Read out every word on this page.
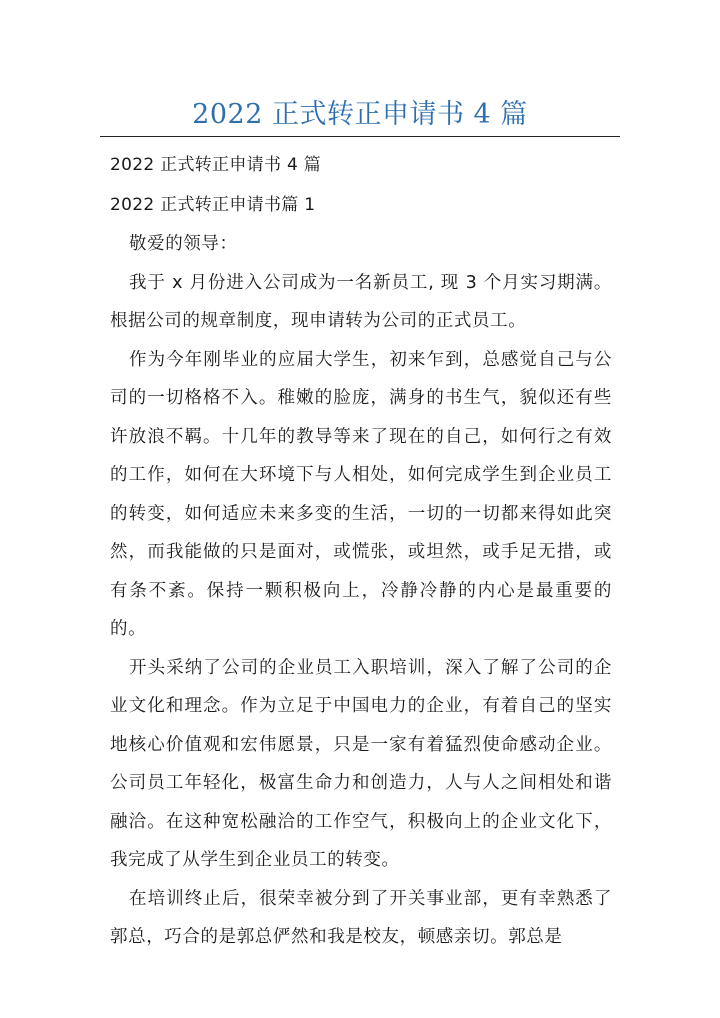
2022 正式转正申请书 4 篇
2022 正式转正申请书 4 篇
2022 正式转正申请书篇 1

敬爱的领导：

我于 x 月份进入公司成为一名新员工, 现 3 个月实习期满。根据公司的规章制度，现申请转为公司的正式员工。

作为今年刚毕业的应届大学生，初来乍到，总感觉自己与公司的一切格格不入。稚嫩的脸庞，满身的书生气，貌似还有些许放浪不羁。十几年的教导等来了现在的自己，如何行之有效的工作，如何在大环境下与人相处，如何完成学生到企业员工的转变，如何适应未来多变的生活，一切的一切都来得如此突然，而我能做的只是面对，或慌张，或坦然，或手足无措，或有条不紊。保持一颗积极向上，冷静冷静的内心是最重要的的。

开头采纳了公司的企业员工入职培训，深入了解了公司的企业文化和理念。作为立足于中国电力的企业，有着自己的坚实地核心价值观和宏伟愿景，只是一家有着猛烈使命感动企业。公司员工年轻化，极富生命力和创造力，人与人之间相处和谐融洽。在这种宽松融洽的工作空气，积极向上的企业文化下，我完成了从学生到企业员工的转变。

在培训终止后，很荣幸被分到了开关事业部，更有幸熟悉了郭总，巧合的是郭总俨然和我是校友，顿感亲切。郭总是
